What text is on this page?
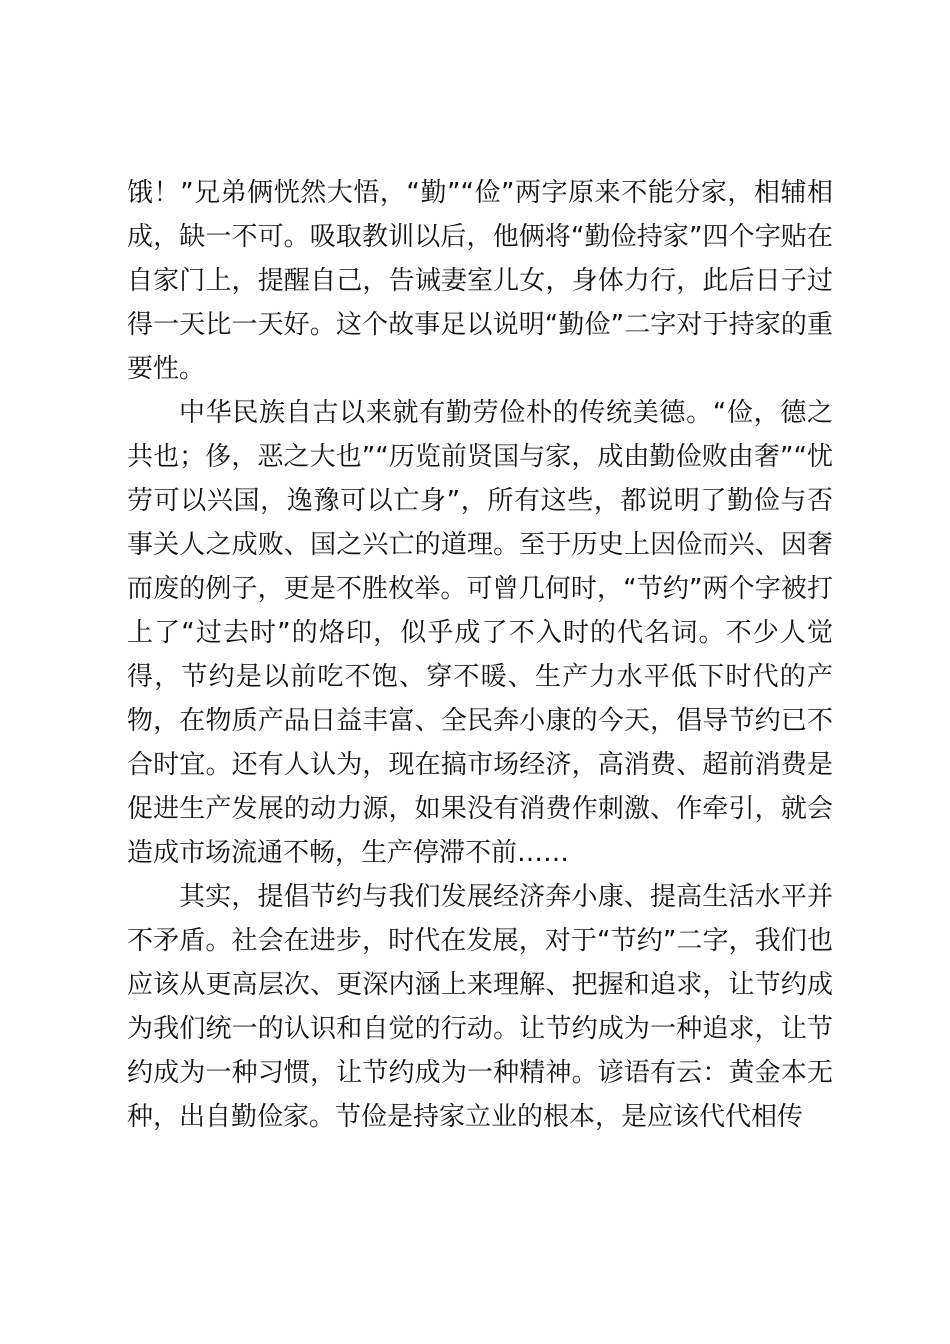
饿！”兄弟俩恍然大悟，“勤”“俭”两字原来不能分家，相辅相成，缺一不可。吸取教训以后，他俩将“勤俭持家”四个字贴在自家门上，提醒自己，告诫妻室儿女，身体力行，此后日子过得一天比一天好。这个故事足以说明“勤俭”二字对于持家的重要性。

中华民族自古以来就有勤劳俭朴的传统美德。“俭，德之共也；侈，恶之大也”“历览前贤国与家，成由勤俭败由奢”“忧劳可以兴国，逸豫可以亡身”，所有这些，都说明了勤俭与否事关人之成败、国之兴亡的道理。至于历史上因俭而兴、因奢而废的例子，更是不胜枚举。可曾几何时，“节约”两个字被打上了“过去时”的烙印，似乎成了不入时的代名词。不少人觉得，节约是以前吃不饱、穿不暖、生产力水平低下时代的产物，在物质产品日益丰富、全民奔小康的今天，倡导节约已不合时宜。还有人认为，现在搞市场经济，高消费、超前消费是促进生产发展的动力源，如果没有消费作刺激、作牵引，就会造成市场流通不畅，生产停滞不前……

其实，提倡节约与我们发展经济奔小康、提高生活水平并不矛盾。社会在进步，时代在发展，对于“节约”二字，我们也应该从更高层次、更深内涵上来理解、把握和追求，让节约成为我们统一的认识和自觉的行动。让节约成为一种追求，让节约成为一种习惯，让节约成为一种精神。谚语有云：黄金本无种，出自勤俭家。节俭是持家立业的根本，是应该代代相传
